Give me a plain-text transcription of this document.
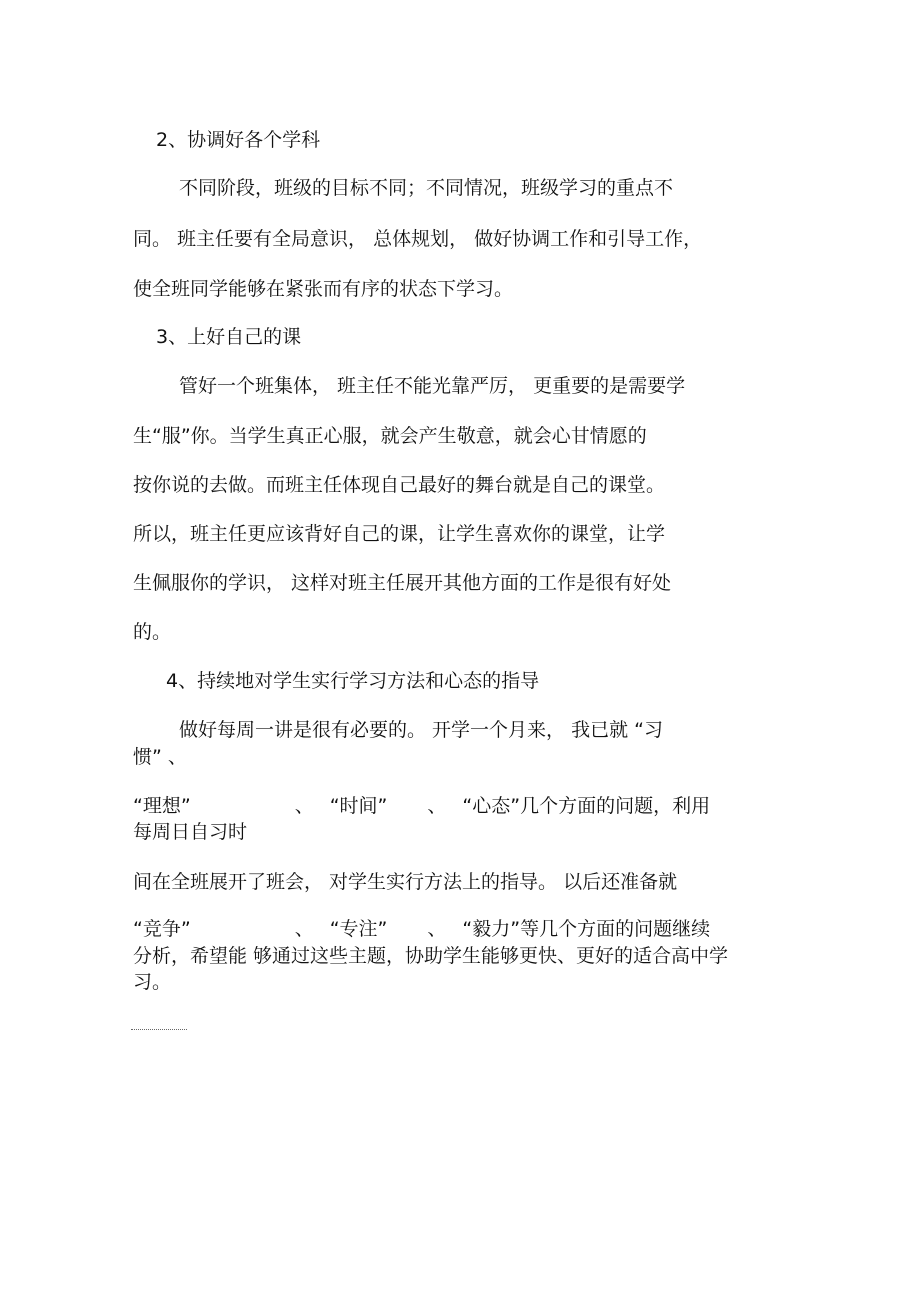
2、协调好各个学科

不同阶段，班级的目标不同；不同情况，班级学习的重点不

同。 班主任要有全局意识， 总体规划， 做好协调工作和引导工作，

使全班同学能够在紧张而有序的状态下学习。

3、上好自己的课

管好一个班集体， 班主任不能光靠严厉， 更重要的是需要学

生“服”你。当学生真正心服，就会产生敬意，就会心甘情愿的

按你说的去做。而班主任体现自己最好的舞台就是自己的课堂。

所以，班主任更应该背好自己的课，让学生喜欢你的课堂，让学

生佩服你的学识， 这样对班主任展开其他方面的工作是很有好处

的。

4、持续地对学生实行学习方法和心态的指导

做好每周一讲是很有必要的。 开学一个月来， 我已就 “习

惯” 、

“理想”	、 “时间” 、 “心态”几个方面的问题，利用

每周日自习时

间在全班展开了班会， 对学生实行方法上的指导。 以后还准备就

“竞争”	、 “专注” 、 “毅力”等几个方面的问题继续

分析，希望能 够通过这些主题，协助学生能够更快、更好的适合高中学

习。
